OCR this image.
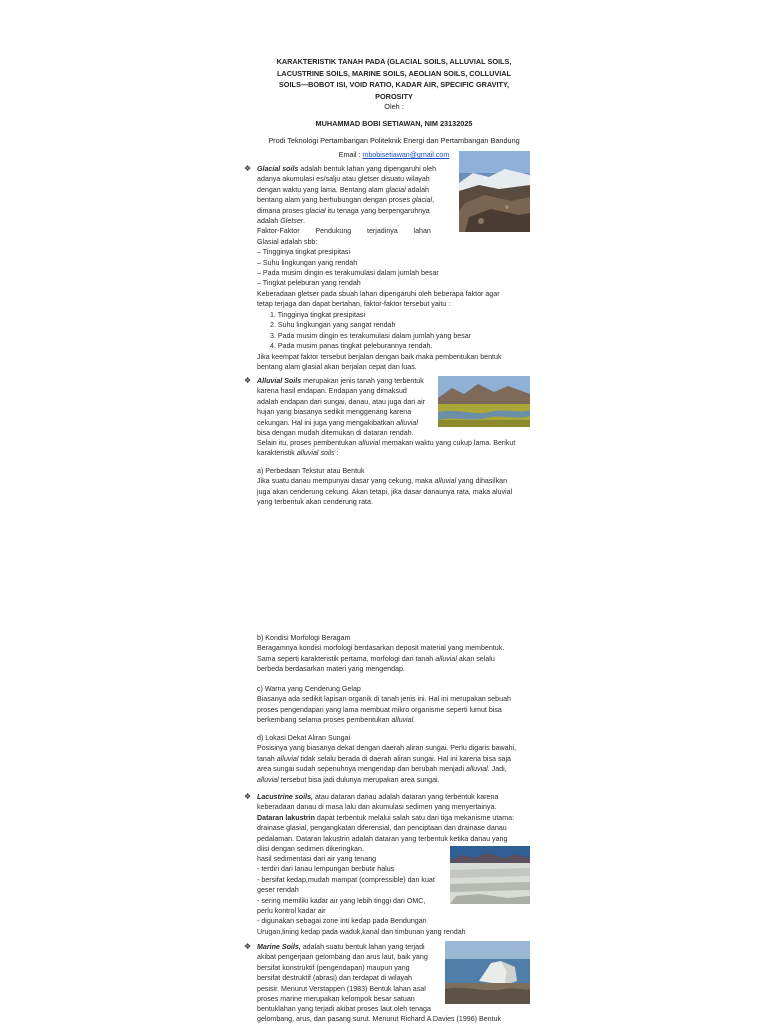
KARAKTERISTIK TANAH PADA (GLACIAL SOILS, ALLUVIAL SOILS,
LACUSTRINE SOILS, MARINE SOILS, AEOLIAN SOILS, COLLUVIAL
SOILS—BOBOT ISI, VOID RATIO, KADAR AIR, SPECIFIC GRAVITY,
POROSITY
Oleh :
MUHAMMAD BOBI SETIAWAN, NIM 23132025
Prodi Teknologi Pertambangan Politeknik Energi dan Pertambangan Bandung
Email : mbobisetiawan@gmail.com
❖ Glacial soils adalah bentuk lahan yang dipengaruhi oleh
adanya akumulasi es/salju atau gletser disuatu wilayah
dengan waktu yang lama. Bentang alam glacial adalah
bentang alam yang berhubungan dengan proses glacial,
dimana proses glacial itu tenaga yang berpengaruhnya
adalah Gletser.
Faktor-Faktor        Pendukung        terjadinya        lahan
Glasial adalah sbb:
– Tingginya tingkat presipitasi
– Suhu lingkungan yang rendah
– Pada musim dingin es terakumulasi dalam jumlah besar
– Tingkat peleburan yang rendah
Keberadaan gletser pada sbuah lahan dipengaruhi oleh beberapa faktor agar
tetap terjaga dan dapat bertahan, faktor-faktor tersebut yaitu :
1. Tingginya tingkat presipitasi
2. Suhu lingkungan yang sangat rendah
3. Pada musim dingin es terakumulasi dalam jumlah yang besar
4. Pada musim panas tingkat peleburannya rendah.
Jika keempat faktor tersebut berjalan dengan baik maka pembentukan bentuk
bentang alam glasial akan berjalan cepat dan luas.
❖ Alluvial Soils merupakan jenis tanah yang terbentuk
karena hasil endapan. Endapan yang dimaksud
adalah endapan dari sungai, danau, atau juga dari air
hujan yang biasanya sedikit menggenang karena
cekungan. Hal ini juga yang mengakibatkan alluvial
bisa dengan mudah ditemukan di dataran rendah.
Selain itu, proses pembentukan alluvial memakan waktu yang cukup lama. Berikut
karakteristik alluvial soils :
a) Perbedaan Tekstur atau Bentuk
Jika suatu danau mempunyai dasar yang cekung, maka alluvial yang dihasilkan
juga akan cenderung cekung. Akan tetapi, jika dasar danaunya rata, maka aluvial
yang terbentuk akan cenderung rata.
b) Kondisi Morfologi Beragam
Beragamnya kondisi morfologi berdasarkan deposit material yang membentuk.
Sama seperti karakteristik pertama, morfologi dari tanah alluvial akan selalu
berbeda berdasarkan materi yang mengendap.
c) Warna yang Cenderung Gelap
Biasanya ada sedikit lapisan organik di tanah jenis ini. Hal ini merupakan sebuah
proses pengendapan yang lama membuat mikro organisme seperti lumut bisa
berkembang selama proses pembentukan alluvial.
d) Lokasi Dekat Aliran Sungai
Posisinya yang biasanya dekat dengan daerah aliran sungai. Perlu digaris bawahi,
tanah alluvial tidak selalu berada di daerah aliran sungai. Hal ini karena bisa saja
area sungai sudah sepenuhnya mengendap dan berubah menjadi alluvial. Jadi,
alluvial tersebut bisa jadi dulunya merupakan area sungai.
❖ Lacustrine soils, atau dataran danau adalah dataran yang terbentuk karena
keberadaan danau di masa lalu dan akumulasi sedimen yang menyertainya.
Dataran lakustrin dapat terbentuk melalui salah satu dari tiga mekanisme utama:
drainase glasial, pengangkatan diferensial, dan penciptaan dan drainase danau
pedalaman. Dataran lakustrin adalah dataran yang terbentuk ketika danau yang
diisi dengan sedimen dikeringkan.
hasil sedimentasi dari air yang tenang
- terdiri dari lanau lempungan berbutir halus
- bersifat kedap,mudah mampat (compressible) dan kuat
geser rendah
- sering memiliki kadar air yang lebih tinggi dari OMC,
perlu kontrol kadar air
- digunakan sebagai zone inti kedap pada Bendungan
Urugan,lining kedap pada waduk,kanal dan timbunan yang rendah
❖ Marine Soils, adalah suatu bentuk lahan yang terjadi
akibat pengerjaan gelombang dan arus laut, baik yang
bersifat konstruktif (pengendapan) maupun yang
bersifat destruktif (abrasi) dan terdapat di wilayah
pesisir. Menurut Verstappen (1983) Bentuk lahan asal
proses marine merupakan kelompok besar satuan
bentuklahan yang terjadi akibat proses laut oleh tenaga
gelombang, arus, dan pasang surut. Menurut Richard A Davies (1996) Bentuk
